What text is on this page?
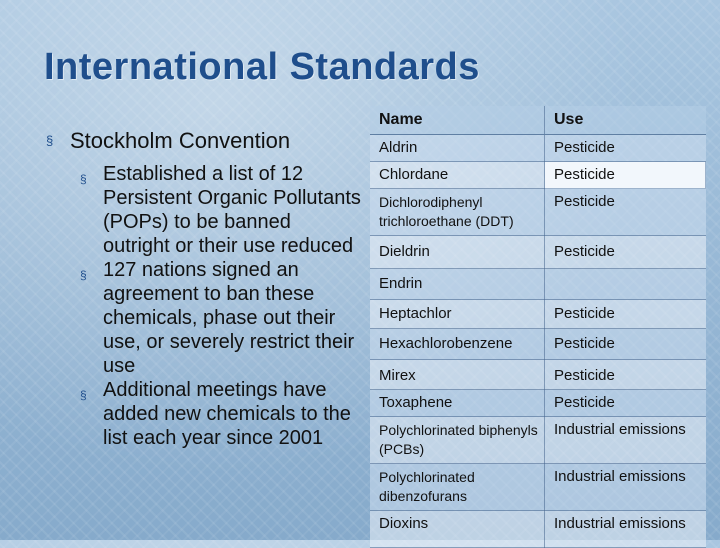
International Standards
§ Stockholm Convention
§ Established a list of 12 Persistent Organic Pollutants (POPs) to be banned outright or their use reduced
§ 127 nations signed an agreement to ban these chemicals, phase out their use, or severely restrict their use
§ Additional meetings have added new chemicals to the list each year since 2001
Name	Use
Aldrin	Pesticide
Chlordane	Pesticide
Dichlorodiphenyl trichloroethane (DDT)	Pesticide
Dieldrin	Pesticide
Endrin	
Heptachlor	Pesticide
Hexachlorobenzene	Pesticide
Mirex	Pesticide
Toxaphene	Pesticide
Polychlorinated biphenyls (PCBs)	Industrial emissions
Polychlorinated dibenzofurans	Industrial emissions
Dioxins	Industrial emissions
